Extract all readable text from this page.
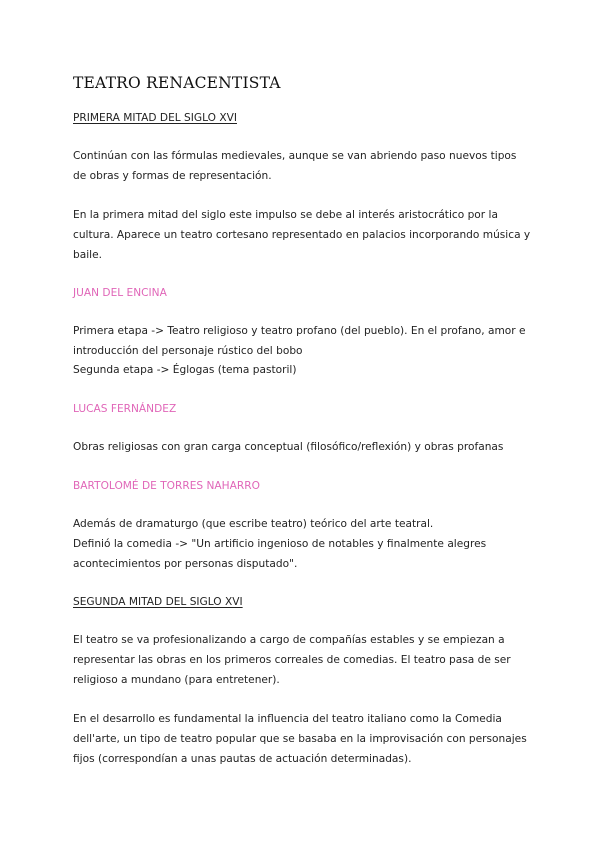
TEATRO RENACENTISTA
PRIMERA MITAD DEL SIGLO XVI
Continúan con las fórmulas medievales, aunque se van abriendo paso nuevos tipos
de obras y formas de representación.
En la primera mitad del siglo este impulso se debe al interés aristocrático por la
cultura. Aparece un teatro cortesano representado en palacios incorporando música y
baile.
JUAN DEL ENCINA
Primera etapa -> Teatro religioso y teatro profano (del pueblo). En el profano, amor e
introducción del personaje rústico del bobo
Segunda etapa -> Églogas (tema pastoril)
LUCAS FERNÁNDEZ
Obras religiosas con gran carga conceptual (filosófico/reflexión) y obras profanas
BARTOLOMÉ DE TORRES NAHARRO
Además de dramaturgo (que escribe teatro) teórico del arte teatral.
Definió la comedia -> "Un artificio ingenioso de notables y finalmente alegres
acontecimientos por personas disputado".
SEGUNDA MITAD DEL SIGLO XVI
El teatro se va profesionalizando a cargo de compañías estables y se empiezan a
representar las obras en los primeros correales de comedias. El teatro pasa de ser
religioso a mundano (para entretener).
En el desarrollo es fundamental la influencia del teatro italiano como la Comedia
dell'arte, un tipo de teatro popular que se basaba en la improvisación con personajes
fijos (correspondían a unas pautas de actuación determinadas).
